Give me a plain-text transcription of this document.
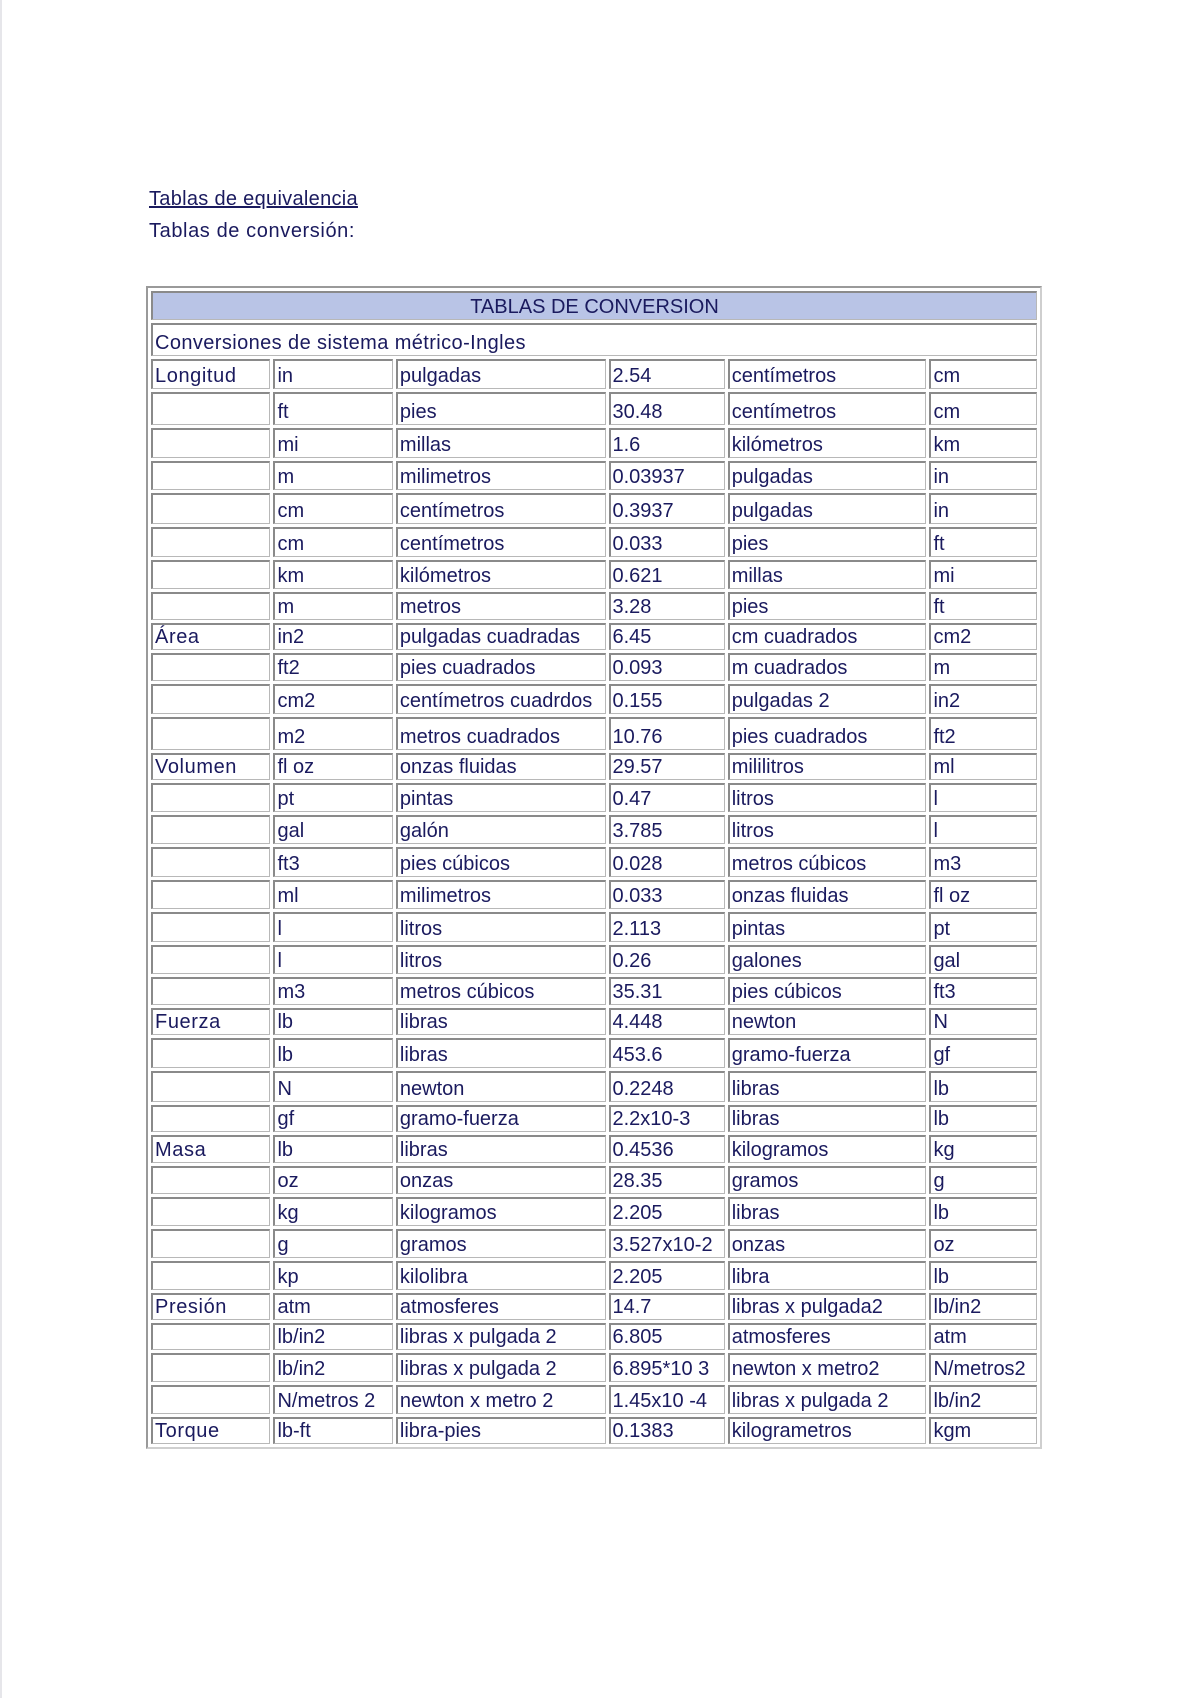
Tablas de equivalencia
Tablas de conversión:
TABLAS DE CONVERSION					
Conversiones de sistema métrico-Ingles					
Longitud	in	pulgadas	2.54	centímetros	cm
	ft	pies	30.48	centímetros	cm
	mi	millas	1.6	kilómetros	km
	m	milimetros	0.03937	pulgadas	in
	cm	centímetros	0.3937	pulgadas	in
	cm	centímetros	0.033	pies	ft
	km	kilómetros	0.621	millas	mi
	m	metros	3.28	pies	ft
Área	in2	pulgadas cuadradas	6.45	cm cuadrados	cm2
	ft2	pies cuadrados	0.093	m cuadrados	m
	cm2	centímetros cuadrdos	0.155	pulgadas 2	in2
	m2	metros cuadrados	10.76	pies cuadrados	ft2
Volumen	fl oz	onzas fluidas	29.57	mililitros	ml
	pt	pintas	0.47	litros	l
	gal	galón	3.785	litros	l
	ft3	pies cúbicos	0.028	metros cúbicos	m3
	ml	milimetros	0.033	onzas fluidas	fl oz
	l	litros	2.113	pintas	pt
	l	litros	0.26	galones	gal
	m3	metros cúbicos	35.31	pies cúbicos	ft3
Fuerza	lb	libras	4.448	newton	N
	lb	libras	453.6	gramo-fuerza	gf
	N	newton	0.2248	libras	lb
	gf	gramo-fuerza	2.2x10-3	libras	lb
Masa	lb	libras	0.4536	kilogramos	kg
	oz	onzas	28.35	gramos	g
	kg	kilogramos	2.205	libras	lb
	g	gramos	3.527x10-2	onzas	oz
	kp	kilolibra	2.205	libra	lb
Presión	atm	atmosferes	14.7	libras x pulgada2	lb/in2
	lb/in2	libras x pulgada 2	6.805	atmosferes	atm
	lb/in2	libras x pulgada 2	6.895*10 3	newton x metro2	N/metros2
	N/metros 2	newton x metro 2	1.45x10 -4	libras x pulgada 2	lb/in2
Torque	lb-ft	libra-pies	0.1383	kilogrametros	kgm
